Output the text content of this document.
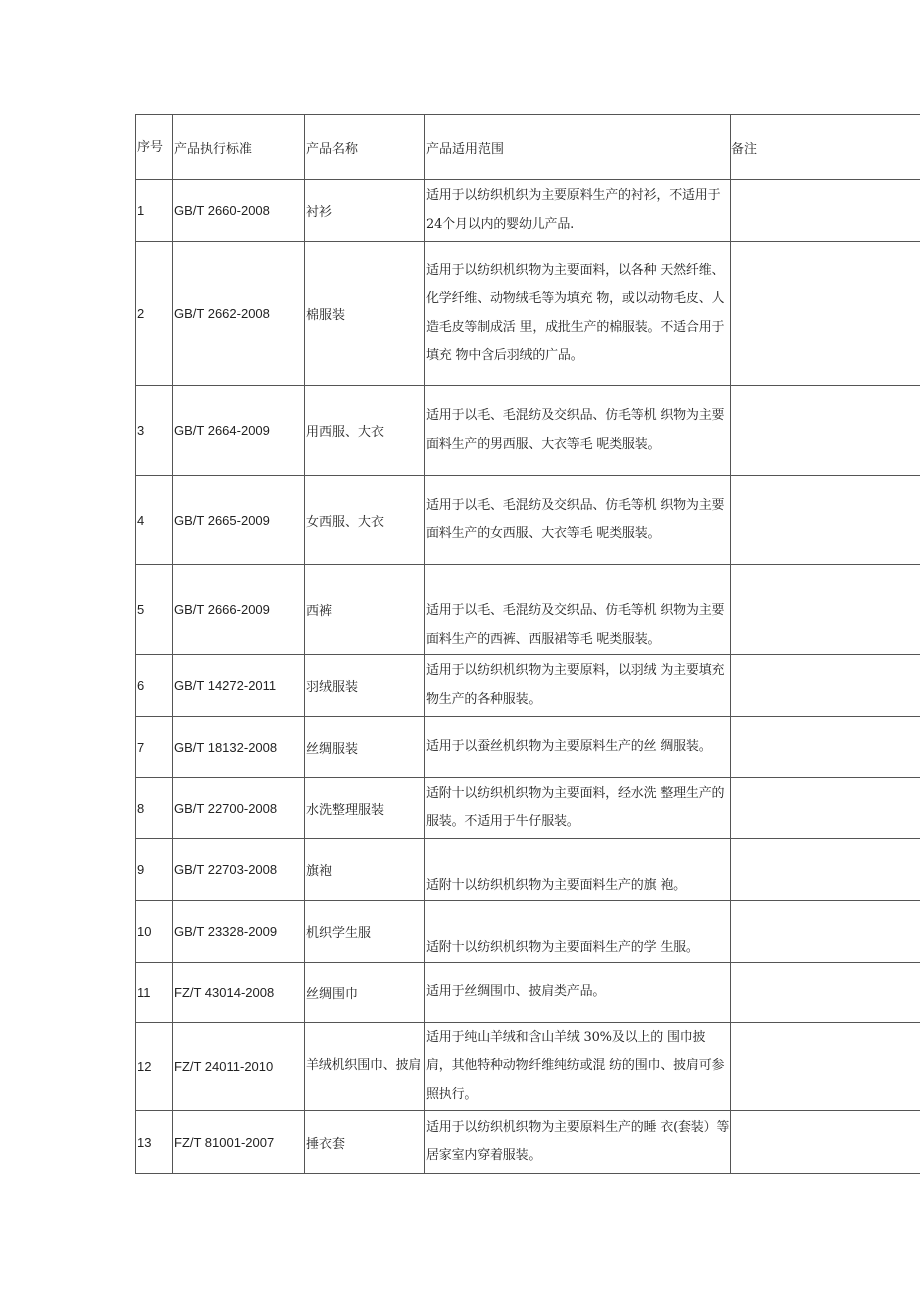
序号	产品执行标准	产品名称	产品适用范围	备注
1	GB/T 2660-2008	衬衫	适用于以纺织机织为主要原料生产的衬衫，不适用于24个月以内的婴幼儿产品.	
2	GB/T 2662-2008	棉服装	适用于以纺织机织物为主要面料，以各种 天然纤维、化学纤维、动物绒毛等为填充 物，或以动物毛皮、人造毛皮等制成活 里，成批生产的棉服装。不适合用于填充 物中含后羽绒的广品。	
3	GB/T 2664-2009	用西服、大衣	适用于以毛、毛混纺及交织品、仿毛等机 织物为主要面料生产的男西服、大衣等毛 呢类服装。	
4	GB/T 2665-2009	女西服、大衣	适用于以毛、毛混纺及交织品、仿毛等机 织物为主要面料生产的女西服、大衣等毛 呢类服装。	
5	GB/T 2666-2009	西裤	适用于以毛、毛混纺及交织品、仿毛等机 织物为主要面料生产的西裤、西服裙等毛 呢类服装。	
6	GB/T 14272-2011	羽绒服装	适用于以纺织机织物为主要原料，以羽绒 为主要填充物生产的各种服装。	
7	GB/T 18132-2008	丝绸服装	适用于以蚕丝机织物为主要原料生产的丝 绸服装。	
8	GB/T 22700-2008	水洗整理服装	适附十以纺织机织物为主要面料，经水洗 整理生产的服装。不适用于牛仔服装。	
9	GB/T 22703-2008	旗袍	适附十以纺织机织物为主要面料生产的旗 袍。	
10	GB/T 23328-2009	机织学生服	适附十以纺织机织物为主要面料生产的学 生服。	
11	FZ/T 43014-2008	丝绸围巾	适用于丝绸围巾、披肩类产品。	
12	FZ/T 24011-2010	羊绒机织围巾、披肩	适用于纯山羊绒和含山羊绒 30%及以上的 围巾披肩，其他特种动物纤维纯纺或混 纺的围巾、披肩可参照执行。	
13	FZ/T 81001-2007	捶衣套	适用于以纺织机织物为主要原料生产的睡 衣(套装）等居家室内穿着服装。	
